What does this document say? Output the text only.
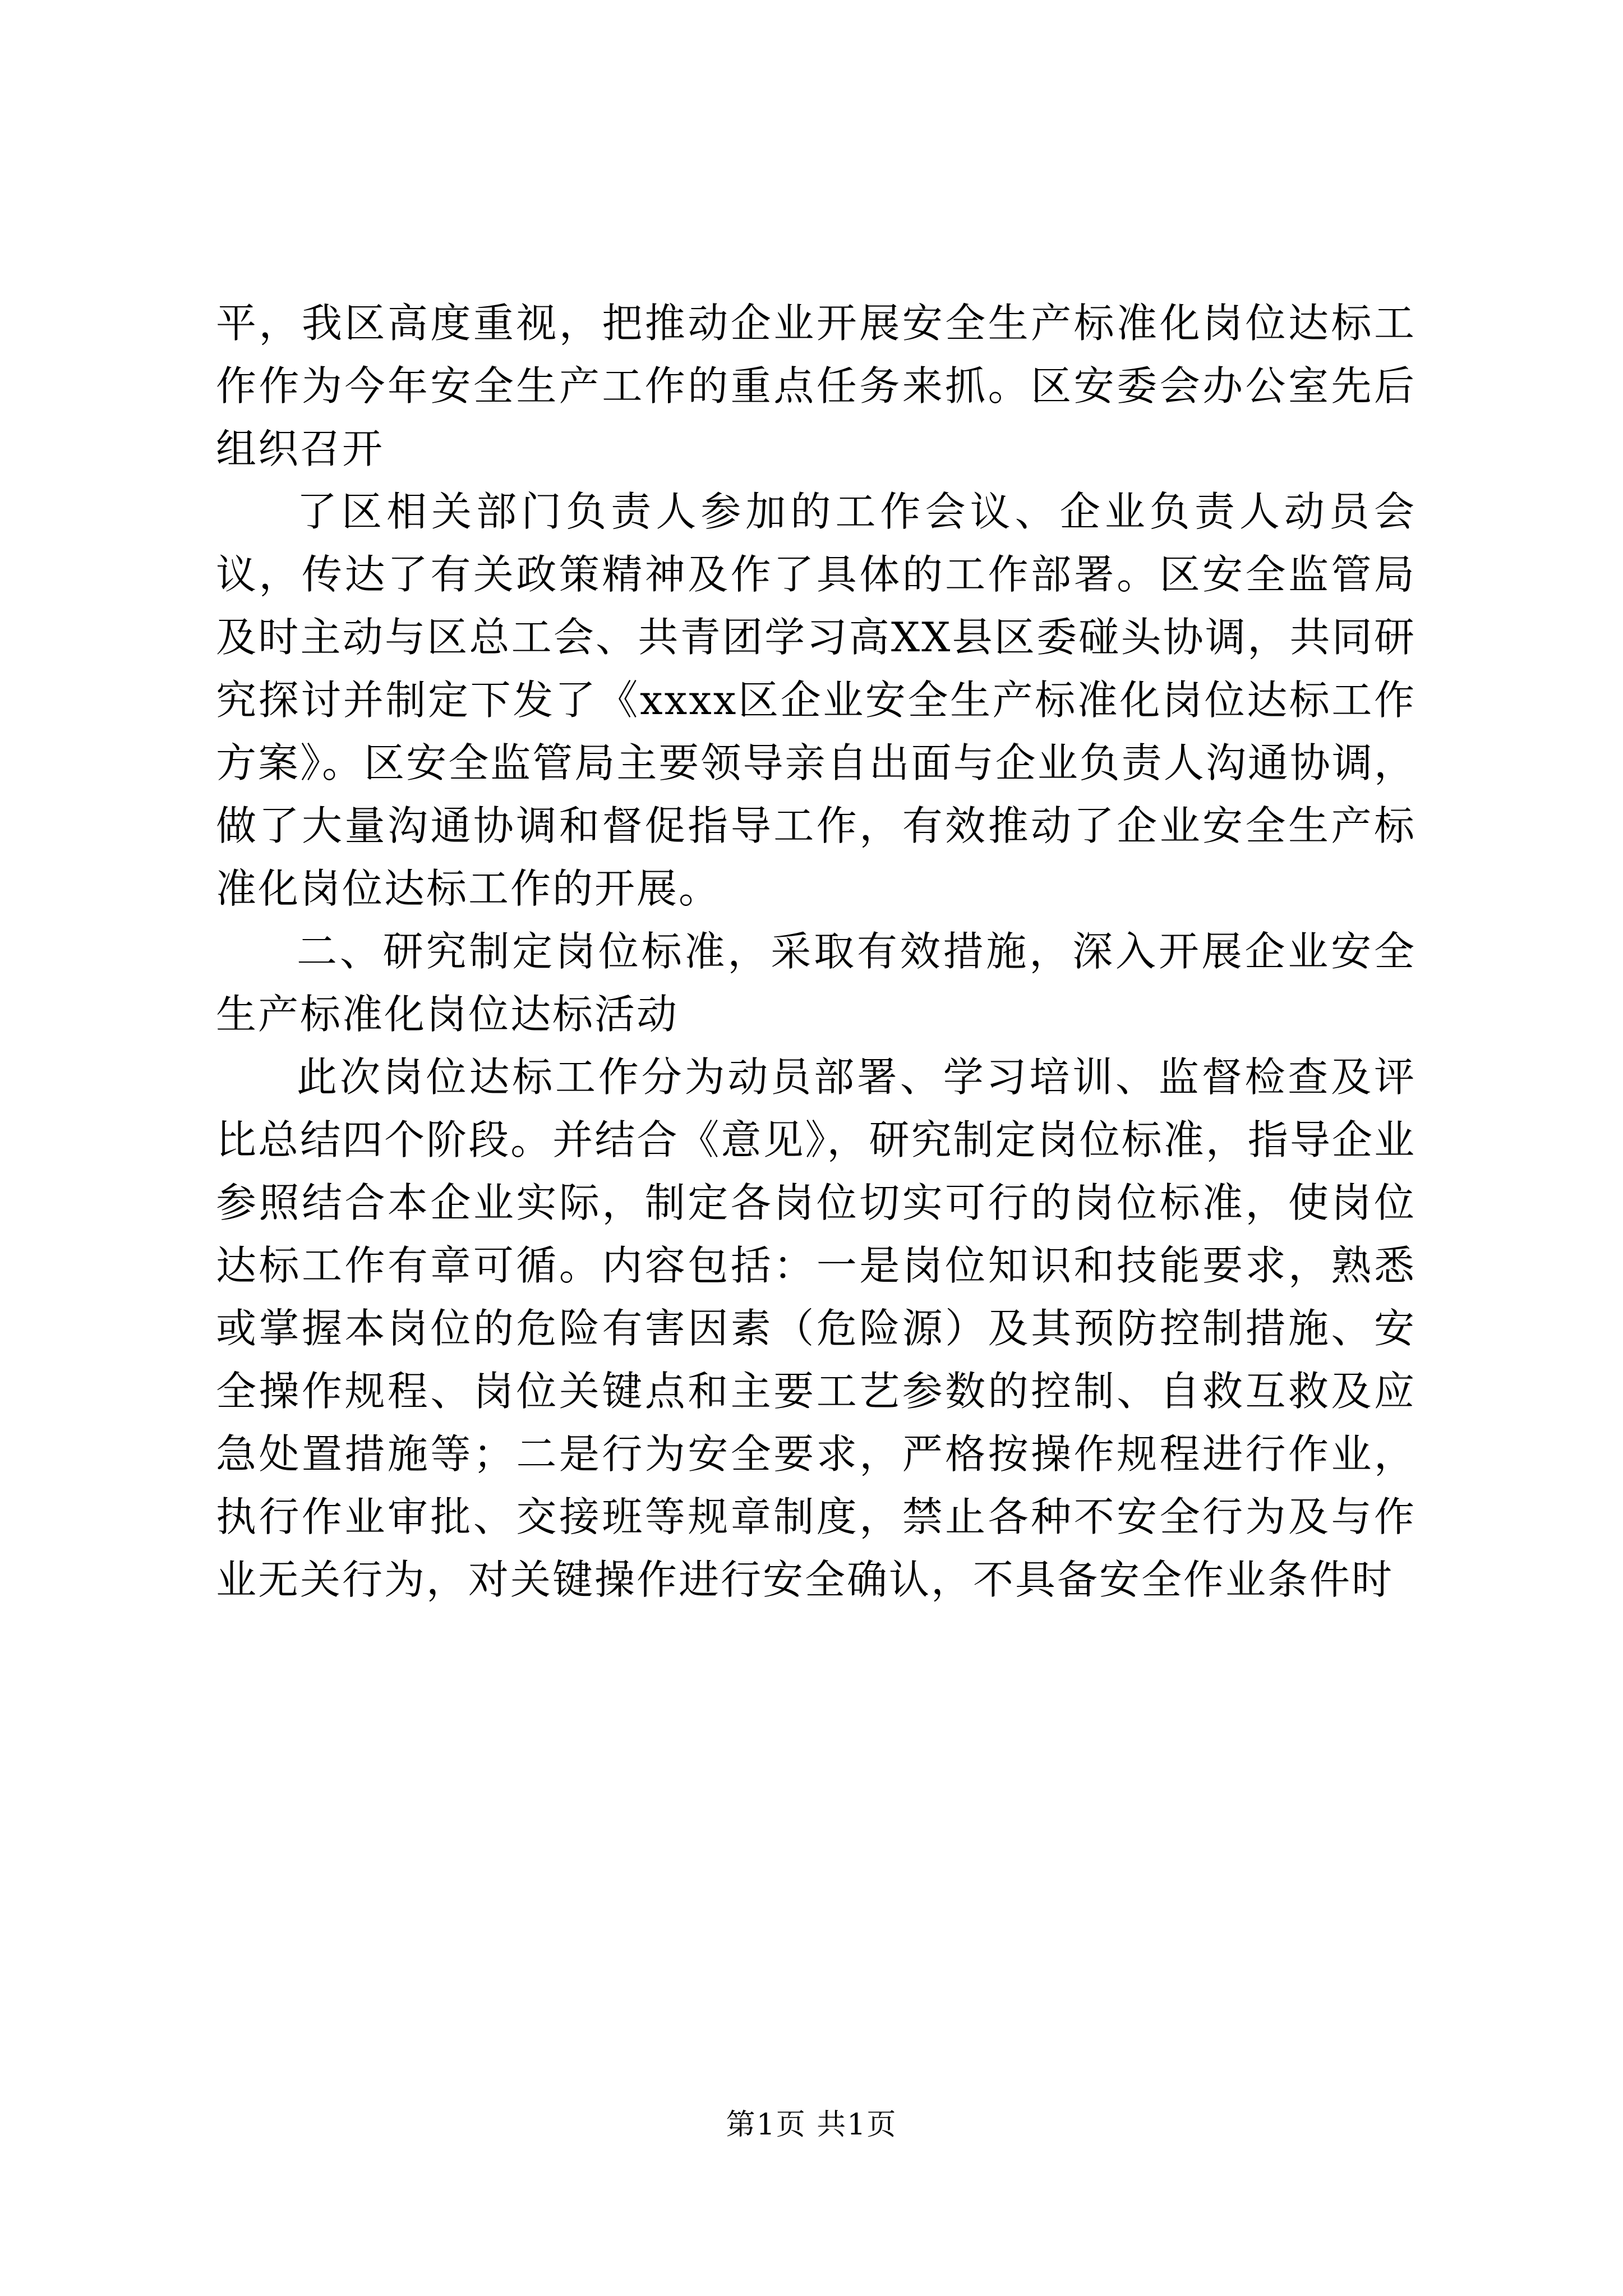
平，我区高度重视，把推动企业开展安全生产标准化岗位达标工作作为今年安全生产工作的重点任务来抓。区安委会办公室先后组织召开

了区相关部门负责人参加的工作会议、企业负责人动员会议，传达了有关政策精神及作了具体的工作部署。区安全监管局及时主动与区总工会、共青团学习高XX县区委碰头协调，共同研究探讨并制定下发了《xxxx区企业安全生产标准化岗位达标工作方案》。区安全监管局主要领导亲自出面与企业负责人沟通协调，做了大量沟通协调和督促指导工作，有效推动了企业安全生产标准化岗位达标工作的开展。

二、研究制定岗位标准，采取有效措施，深入开展企业安全生产标准化岗位达标活动

此次岗位达标工作分为动员部署、学习培训、监督检查及评比总结四个阶段。并结合《意见》，研究制定岗位标准，指导企业参照结合本企业实际，制定各岗位切实可行的岗位标准，使岗位达标工作有章可循。内容包括：一是岗位知识和技能要求，熟悉或掌握本岗位的危险有害因素（危险源）及其预防控制措施、安全操作规程、岗位关键点和主要工艺参数的控制、自救互救及应急处置措施等；二是行为安全要求，严格按操作规程进行作业，执行作业审批、交接班等规章制度，禁止各种不安全行为及与作业无关行为，对关键操作进行安全确认，不具备安全作业条件时

第1页 共1页
